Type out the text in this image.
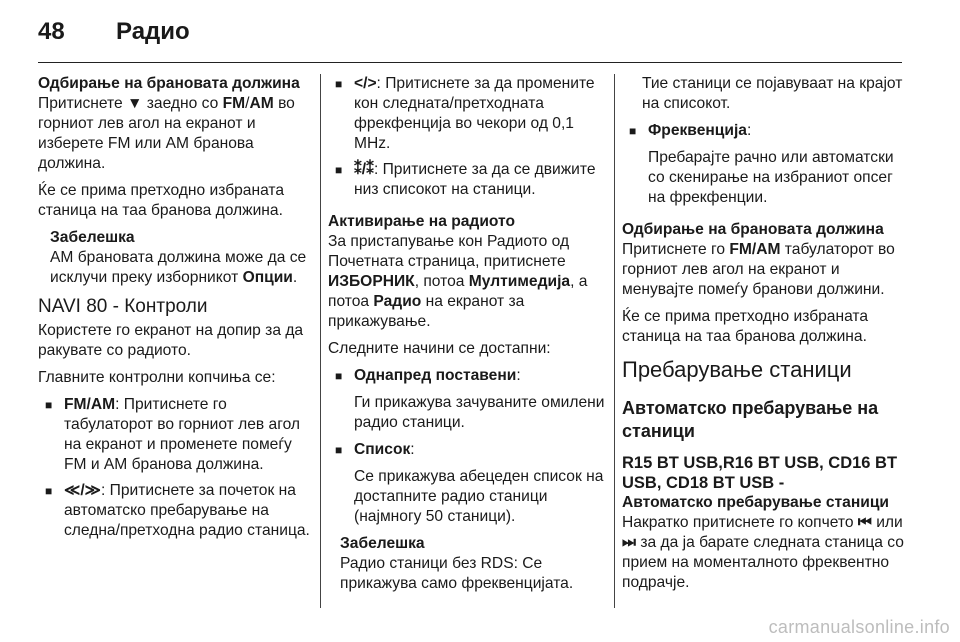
48 Радио

Одбирање на брановата должина

Притиснете ▼ заедно со FM/AM во горниот лев агол на екранот и изберете FM или AM бранова должина.

Ќе се прима претходно избраната станица на таа бранова должина.

Забелешка
AM брановата должина може да се исклучи преку изборникот Опции.

NAVI 80 - Контроли

Користете го екранот на допир за да ракувате со радиото.

Главните контролни копчиња се:

■ FM/AM: Притиснете го табулаторот во горниот лев агол на екранот и променете помеѓу FM и AM бранова должина.
■ ≪/≫: Притиснете за почеток на автоматско пребарување на следна/претходна радио станица.
■ </>: Притиснете за да промените кон следната/претходната фрекфенција во чекори од 0,1 MHz.
■ ⁑/⁑: Притиснете за да се движите низ списокот на станици.

Активирање на радиото

За пристапување кон Радиото од Почетната страница, притиснете ИЗБОРНИК, потоа Мултимедија, а потоа Радио на екранот за прикажување.

Следните начини се достапни:

■ Однапред поставени:

Ги прикажува зачуваните омилени радио станици.

■ Список:

Се прикажува абецеден список на достапните радио станици (најмногу 50 станици).

Забелешка
Радио станици без RDS: Се прикажува само фреквенцијата.

Тие станици се појавуваат на крајот на списокот.

■ Фреквенција:

Пребарајте рачно или автоматски со скенирање на избраниот опсег на фрекфенции.

Одбирање на брановата должина

Притиснете го FM/AM табулаторот во горниот лев агол на екранот и менувајте помеѓу бранови должини.

Ќе се прима претходно избраната станица на таа бранова должина.

Пребарување станици

Автоматско пребарување на станици

R15 BT USB,R16 BT USB, CD16 BT USB, CD18 BT USB -

Автоматско пребарување станици

Накратко притиснете го копчето ⏮ или ⏭ за да ја барате следната станица со прием на моменталното фреквентно подрачје.

carmanualsonline.info
